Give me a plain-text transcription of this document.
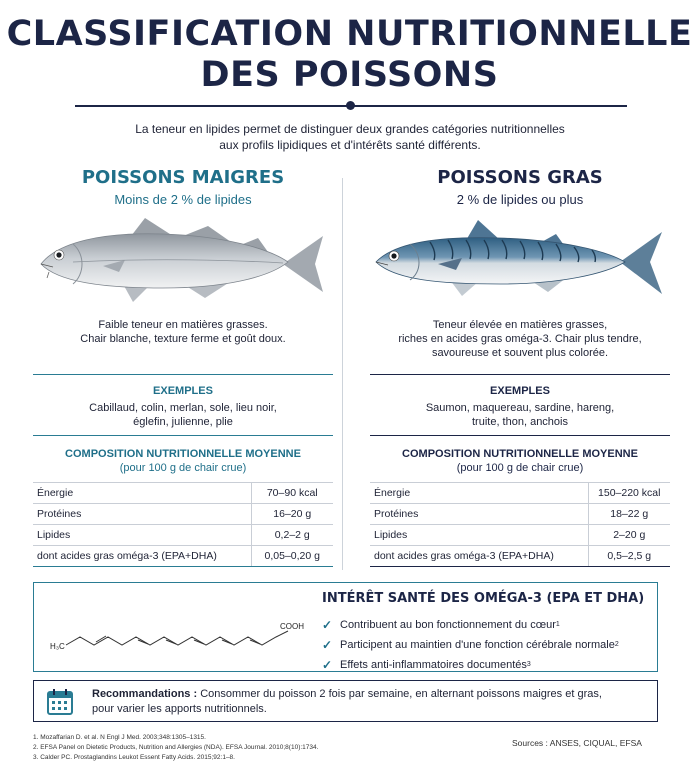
CLASSIFICATION NUTRITIONNELLE
DES POISSONS
La teneur en lipides permet de distinguer deux grandes catégories nutritionnelles
aux profils lipidiques et d'intérêts santé différents.
POISSONS MAIGRES
Moins de 2 % de lipides
Faible teneur en matières grasses.
Chair blanche, texture ferme et goût doux.
EXEMPLES
Cabillaud, colin, merlan, sole, lieu noir,
églefin, julienne, plie
COMPOSITION NUTRITIONNELLE MOYENNE
(pour 100 g de chair crue)
Énergie	70–90 kcal
Protéines	16–20 g
Lipides	0,2–2 g
dont acides gras oméga-3 (EPA+DHA)	0,05–0,20 g
POISSONS GRAS
2 % de lipides ou plus
Teneur élevée en matières grasses,
riches en acides gras oméga-3. Chair plus tendre,
savoureuse et souvent plus colorée.
EXEMPLES
Saumon, maquereau, sardine, hareng,
truite, thon, anchois
COMPOSITION NUTRITIONNELLE MOYENNE
(pour 100 g de chair crue)
Énergie	150–220 kcal
Protéines	18–22 g
Lipides	2–20 g
dont acides gras oméga-3 (EPA+DHA)	0,5–2,5 g
H₃C
COOH
INTÉRÊT SANTÉ DES OMÉGA-3 (EPA ET DHA)
✓ Contribuent au bon fonctionnement du cœur 1
✓ Participent au maintien d'une fonction cérébrale normale 2
✓ Effets anti-inflammatoires documentés 3
Recommandations : Consommer du poisson 2 fois par semaine, en alternant poissons maigres et gras,
pour varier les apports nutritionnels.
1. Mozaffarian D. et al. N Engl J Med. 2003;348:1305–1315.
2. EFSA Panel on Dietetic Products, Nutrition and Allergies (NDA). EFSA Journal. 2010;8(10):1734.
3. Calder PC. Prostaglandins Leukot Essent Fatty Acids. 2015;92:1–8.
Sources : ANSES, CIQUAL, EFSA
